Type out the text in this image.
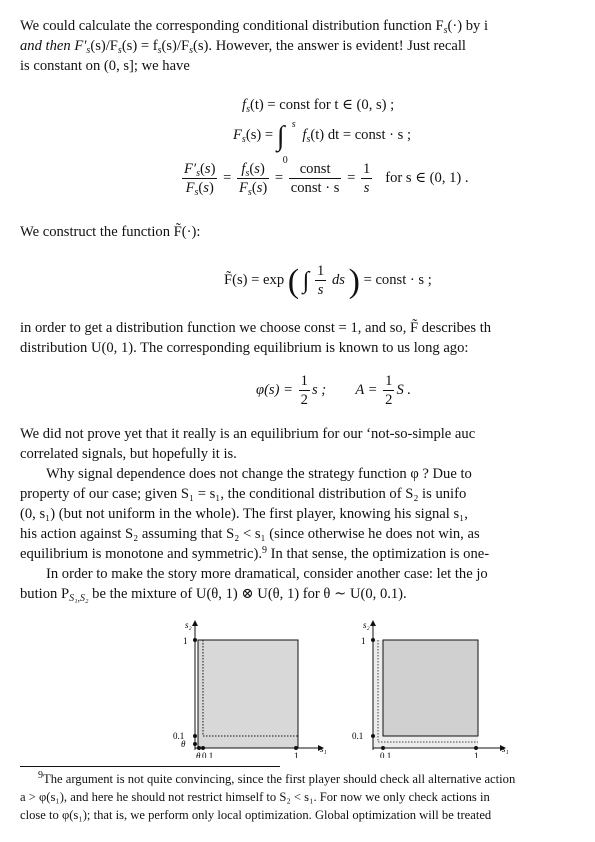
We could calculate the corresponding conditional distribution function $F_s(\cdot)$ by i
and then $F'_s(s)/F_s(s) = f_s(s)/F_s(s)$. However, the answer is evident! Just recall
is constant on (0, s]; we have
$f_s(t)$ = const for t ∈ (0, s) ;
$F_s(s)$ = ∫ s
0
$f_s(t)$ dt = const · s ;
$\frac{F'_s(s)}{F_s(s)} = \frac{f_s(s)}{F_s(s)} = \frac{\text{const}}{\text{const · s}} = \frac{1}{s}$ for s ∈ (0, 1) .
We construct the function F̃(·):
F̃(s) = exp ( ∫ $\frac{1}{s}$ ds ) = const · s ;
in order to get a distribution function we choose const = 1, and so, F̃ describes th
distribution U(0, 1). The corresponding equilibrium is known to us long ago:
$\varphi(s) = \frac{1}{2}$ s ; $A = \frac{1}{2}$ S .
We did not prove yet that it really is an equilibrium for our ‘not-so-simple auc
correlated signals, but hopefully it is.
Why signal dependence does not change the strategy function φ ? Due to
property of our case; given S₁ = s₁, the conditional distribution of S₂ is unifo
(0, s₁) (but not uniform in the whole). The first player, knowing his signal s₁,
his action against S₂ assuming that S₂ < s₁ (since otherwise he does not win, as
equilibrium is monotone and symmetric).$^9$ In that sense, the optimization is one-
In order to make the story more dramatical, consider another case: let the jo
bution $P_{S_1,S_2}$ be the mixture of U(θ, 1) ⊗ U(θ, 1) for θ ∼ U(0, 0.1).
s₂
1
0.1
θ
θ 0.1	1
s₁
s₂
1
0.1
0.1	1
s₁
$^9$The argument is not quite convincing, since the first player should check all alternative action
a > φ(s₁), and here he should not restrict himself to S₂ < s₁. For now we only check actions in
close to φ(s₁); that is, we perform only local optimization. Global optimization will be treated
